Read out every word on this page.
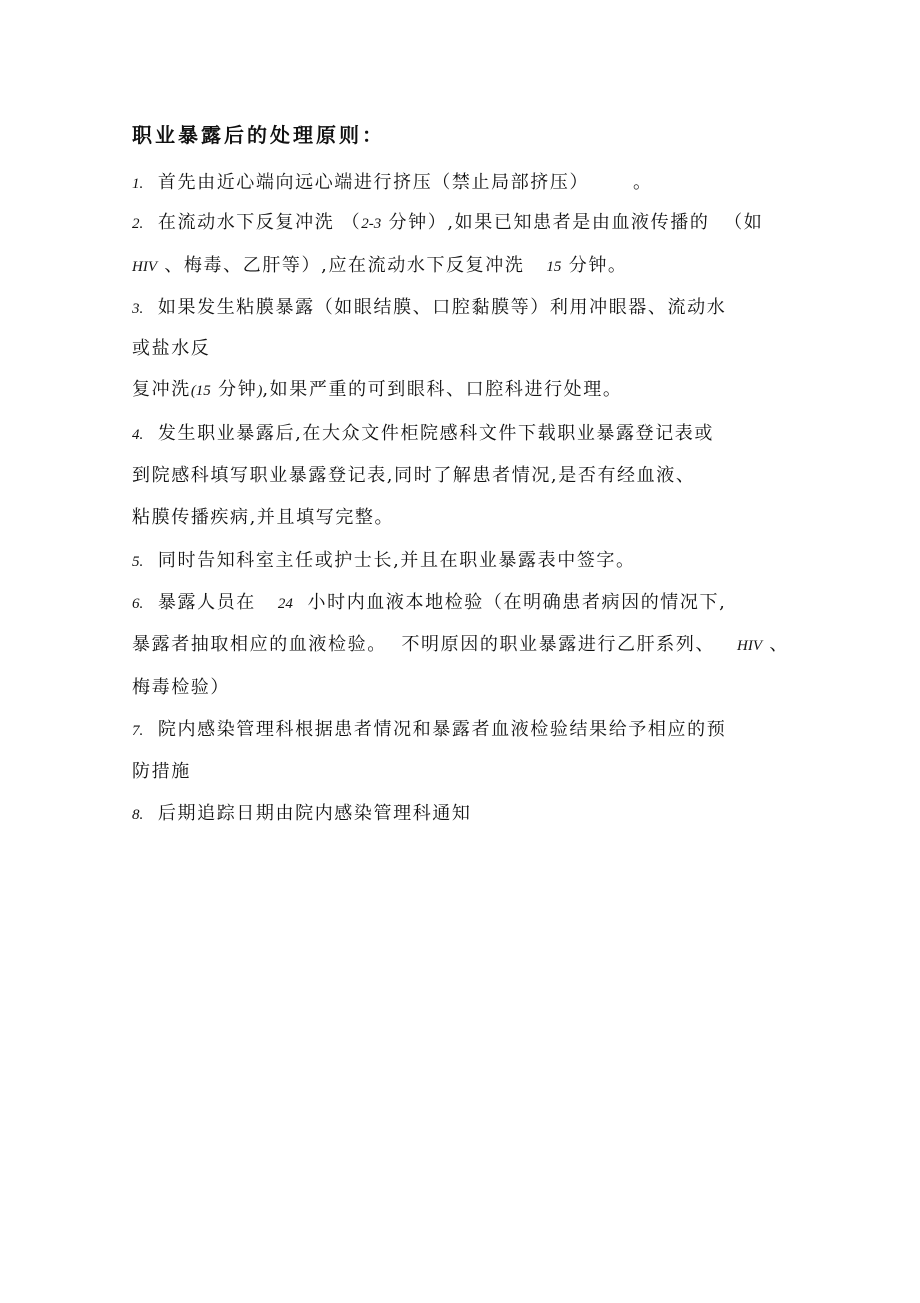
职业暴露后的处理原则：
1.  首先由近心端向远心端进行挤压（禁止局部挤压）      。
2.  在流动水下反复冲洗 （2-3 分钟）,如果已知患者是由血液传播的  （如
HIV 、梅毒、乙肝等）,应在流动水下反复冲洗   15 分钟。
3.  如果发生粘膜暴露（如眼结膜、口腔黏膜等）利用冲眼器、流动水
或盐水反
复冲洗(15 分钟),如果严重的可到眼科、口腔科进行处理。
4.  发生职业暴露后,在大众文件柜院感科文件下载职业暴露登记表或
到院感科填写职业暴露登记表,同时了解患者情况,是否有经血液、
粘膜传播疾病,并且填写完整。
5.  同时告知科室主任或护士长,并且在职业暴露表中签字。
6.  暴露人员在   24  小时内血液本地检验（在明确患者病因的情况下,
暴露者抽取相应的血液检验。  不明原因的职业暴露进行乙肝系列、   HIV 、
梅毒检验）
7.  院内感染管理科根据患者情况和暴露者血液检验结果给予相应的预
防措施
8.  后期追踪日期由院内感染管理科通知
